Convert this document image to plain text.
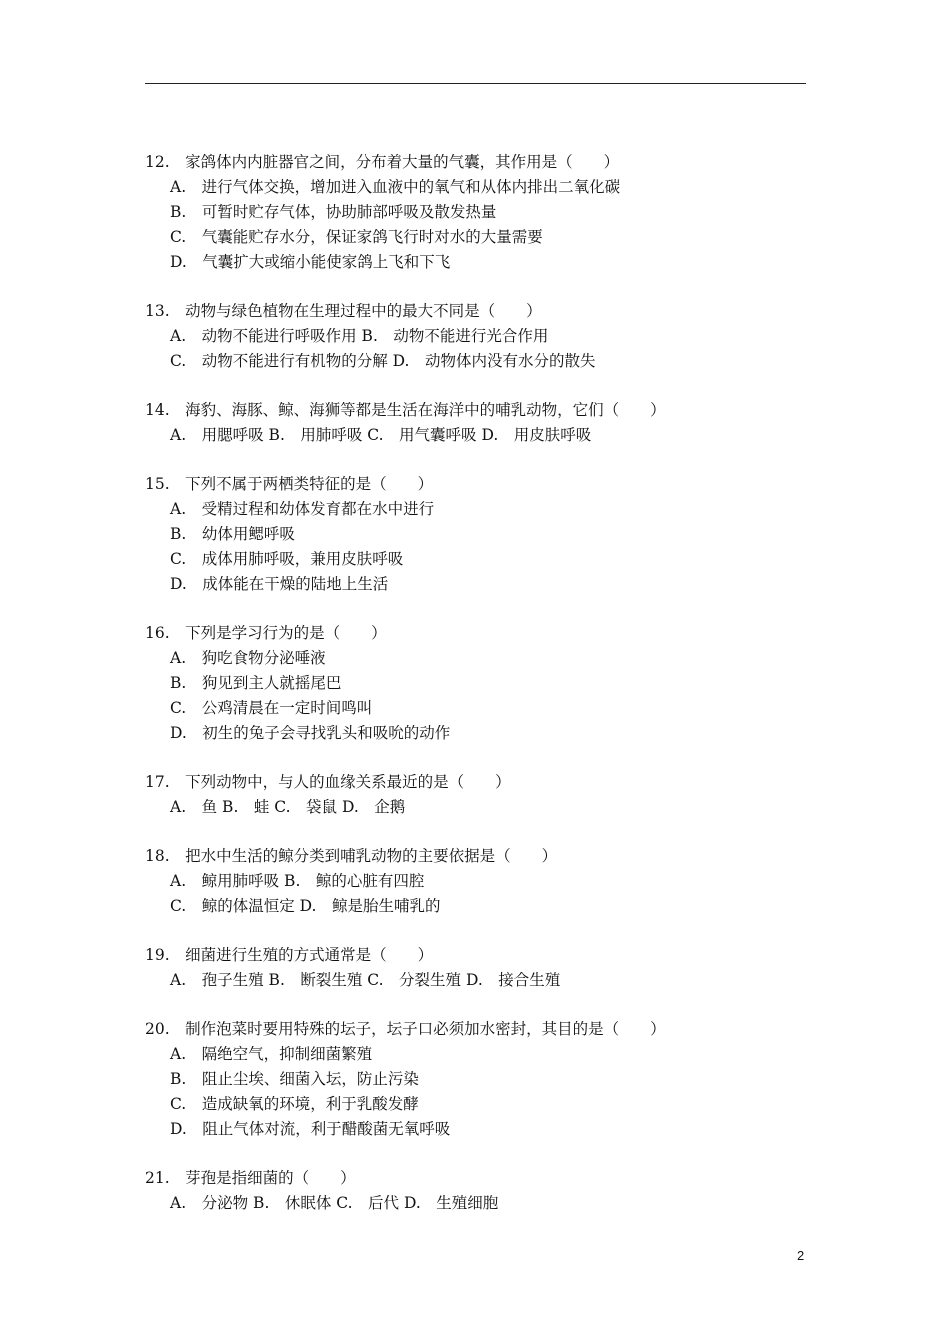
12.　家鸽体内内脏器官之间，分布着大量的气囊，其作用是（　　）
A.　进行气体交换，增加进入血液中的氧气和从体内排出二氧化碳
B.　可暂时贮存气体，协助肺部呼吸及散发热量
C.　气囊能贮存水分，保证家鸽飞行时对水的大量需要
D.　气囊扩大或缩小能使家鸽上飞和下飞
13.　动物与绿色植物在生理过程中的最大不同是（　　）
A.　动物不能进行呼吸作用 B.　动物不能进行光合作用
C.　动物不能进行有机物的分解 D.　动物体内没有水分的散失
14.　海豹、海豚、鲸、海狮等都是生活在海洋中的哺乳动物，它们（　　）
A.　用腮呼吸 B.　用肺呼吸 C.　用气囊呼吸 D.　用皮肤呼吸
15.　下列不属于两栖类特征的是（　　）
A.　受精过程和幼体发育都在水中进行
B.　幼体用鳃呼吸
C.　成体用肺呼吸，兼用皮肤呼吸
D.　成体能在干燥的陆地上生活
16.　下列是学习行为的是（　　）
A.　狗吃食物分泌唾液
B.　狗见到主人就摇尾巴
C.　公鸡清晨在一定时间鸣叫
D.　初生的兔子会寻找乳头和吸吮的动作
17.　下列动物中，与人的血缘关系最近的是（　　）
A.　鱼 B.　蛙 C.　袋鼠 D.　企鹅
18.　把水中生活的鲸分类到哺乳动物的主要依据是（　　）
A.　鲸用肺呼吸 B.　鲸的心脏有四腔
C.　鲸的体温恒定 D.　鲸是胎生哺乳的
19.　细菌进行生殖的方式通常是（　　）
A.　孢子生殖 B.　断裂生殖 C.　分裂生殖 D.　接合生殖
20.　制作泡菜时要用特殊的坛子，坛子口必须加水密封，其目的是（　　）
A.　隔绝空气，抑制细菌繁殖
B.　阻止尘埃、细菌入坛，防止污染
C.　造成缺氧的环境，利于乳酸发酵
D.　阻止气体对流，利于醋酸菌无氧呼吸
21.　芽孢是指细菌的（　　）
A.　分泌物 B.　休眠体 C.　后代 D.　生殖细胞
2
